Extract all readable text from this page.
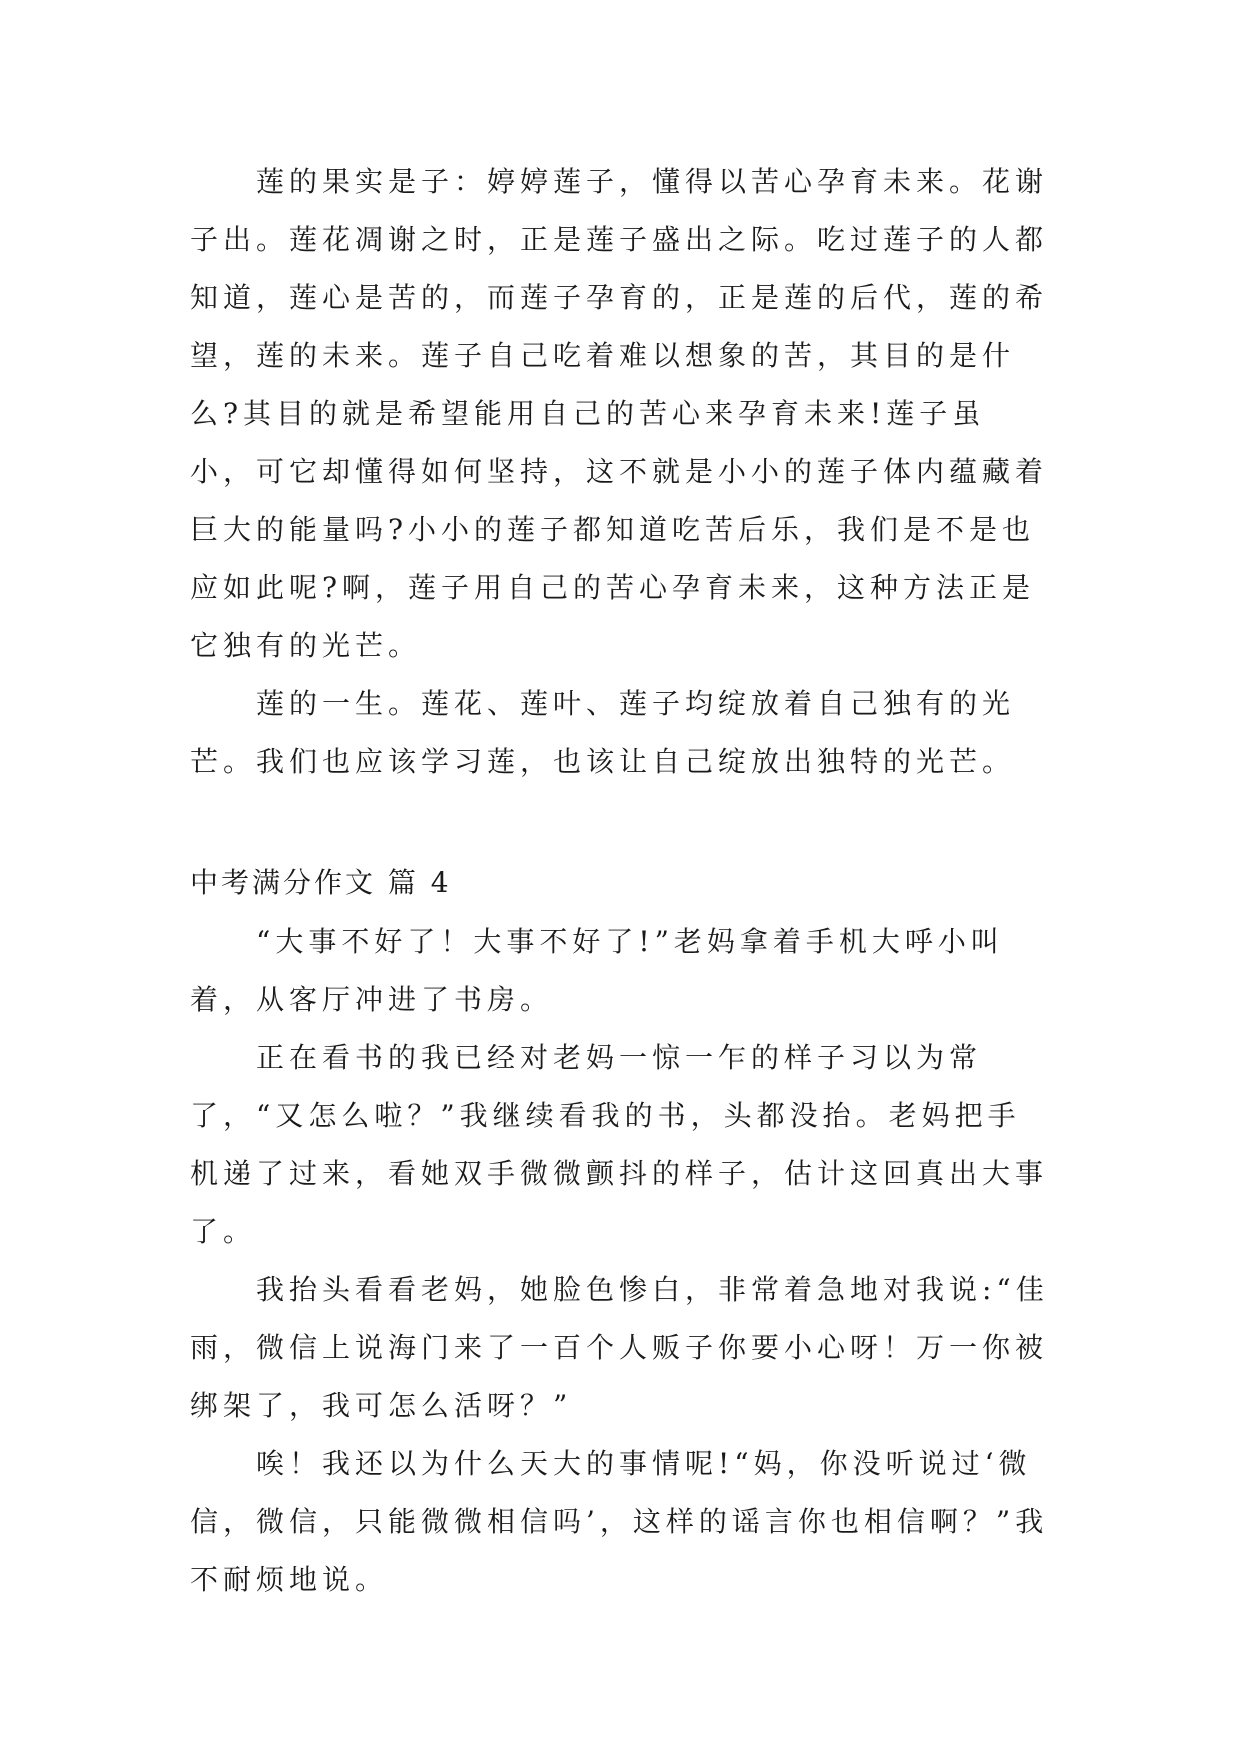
莲的果实是子：婷婷莲子，懂得以苦心孕育未来。花谢子出。莲花凋谢之时，正是莲子盛出之际。吃过莲子的人都知道，莲心是苦的，而莲子孕育的，正是莲的后代，莲的希望，莲的未来。莲子自己吃着难以想象的苦，其目的是什么?其目的就是希望能用自己的苦心来孕育未来!莲子虽小，可它却懂得如何坚持，这不就是小小的莲子体内蕴藏着巨大的能量吗?小小的莲子都知道吃苦后乐，我们是不是也应如此呢?啊，莲子用自己的苦心孕育未来，这种方法正是它独有的光芒。

莲的一生。莲花、莲叶、莲子均绽放着自己独有的光芒。我们也应该学习莲，也该让自己绽放出独特的光芒。

中考满分作文 篇 4

“大事不好了！大事不好了!”老妈拿着手机大呼小叫着，从客厅冲进了书房。

正在看书的我已经对老妈一惊一乍的样子习以为常了，“又怎么啦？”我继续看我的书，头都没抬。老妈把手机递了过来，看她双手微微颤抖的样子，估计这回真出大事了。

我抬头看看老妈，她脸色惨白，非常着急地对我说:“佳雨，微信上说海门来了一百个人贩子你要小心呀！万一你被绑架了，我可怎么活呀？”

唉！我还以为什么天大的事情呢!“妈，你没听说过‘微信，微信，只能微微相信吗’，这样的谣言你也相信啊？”我不耐烦地说。
